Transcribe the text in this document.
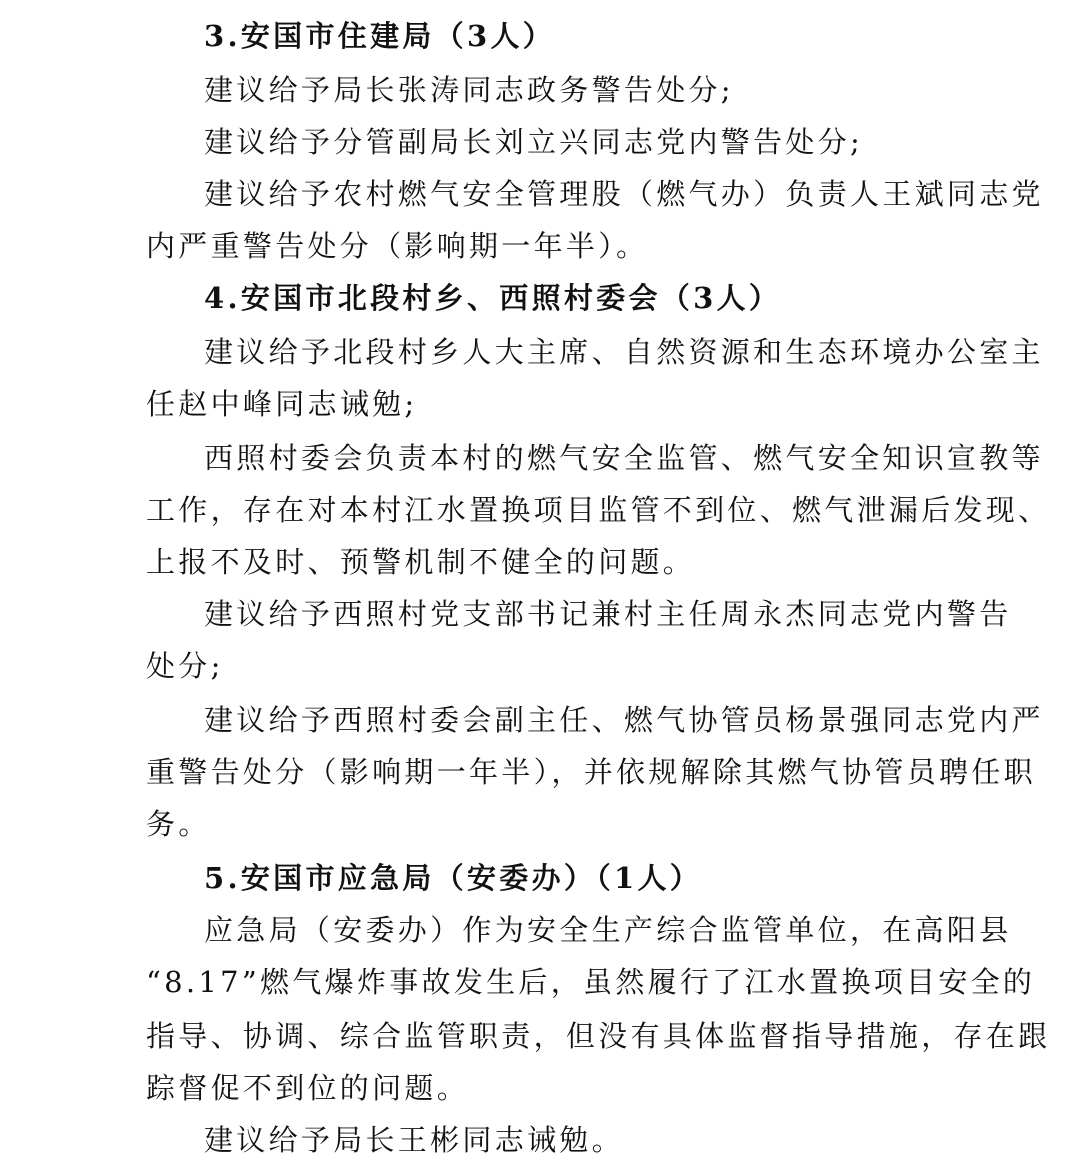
3.安国市住建局（3人）
建议给予局长张涛同志政务警告处分;
建议给予分管副局长刘立兴同志党内警告处分;
建议给予农村燃气安全管理股（燃气办）负责人王斌同志党
内严重警告处分（影响期一年半）。
4.安国市北段村乡、西照村委会（3人）
建议给予北段村乡人大主席、自然资源和生态环境办公室主
任赵中峰同志诫勉;
西照村委会负责本村的燃气安全监管、燃气安全知识宣教等
工作，存在对本村江水置换项目监管不到位、燃气泄漏后发现、
上报不及时、预警机制不健全的问题。
建议给予西照村党支部书记兼村主任周永杰同志党内警告
处分;
建议给予西照村委会副主任、燃气协管员杨景强同志党内严
重警告处分（影响期一年半），并依规解除其燃气协管员聘任职
务。
5.安国市应急局（安委办）（1人）
应急局（安委办）作为安全生产综合监管单位，在高阳县
“8.17”燃气爆炸事故发生后，虽然履行了江水置换项目安全的
指导、协调、综合监管职责，但没有具体监督指导措施，存在跟
踪督促不到位的问题。
建议给予局长王彬同志诫勉。
